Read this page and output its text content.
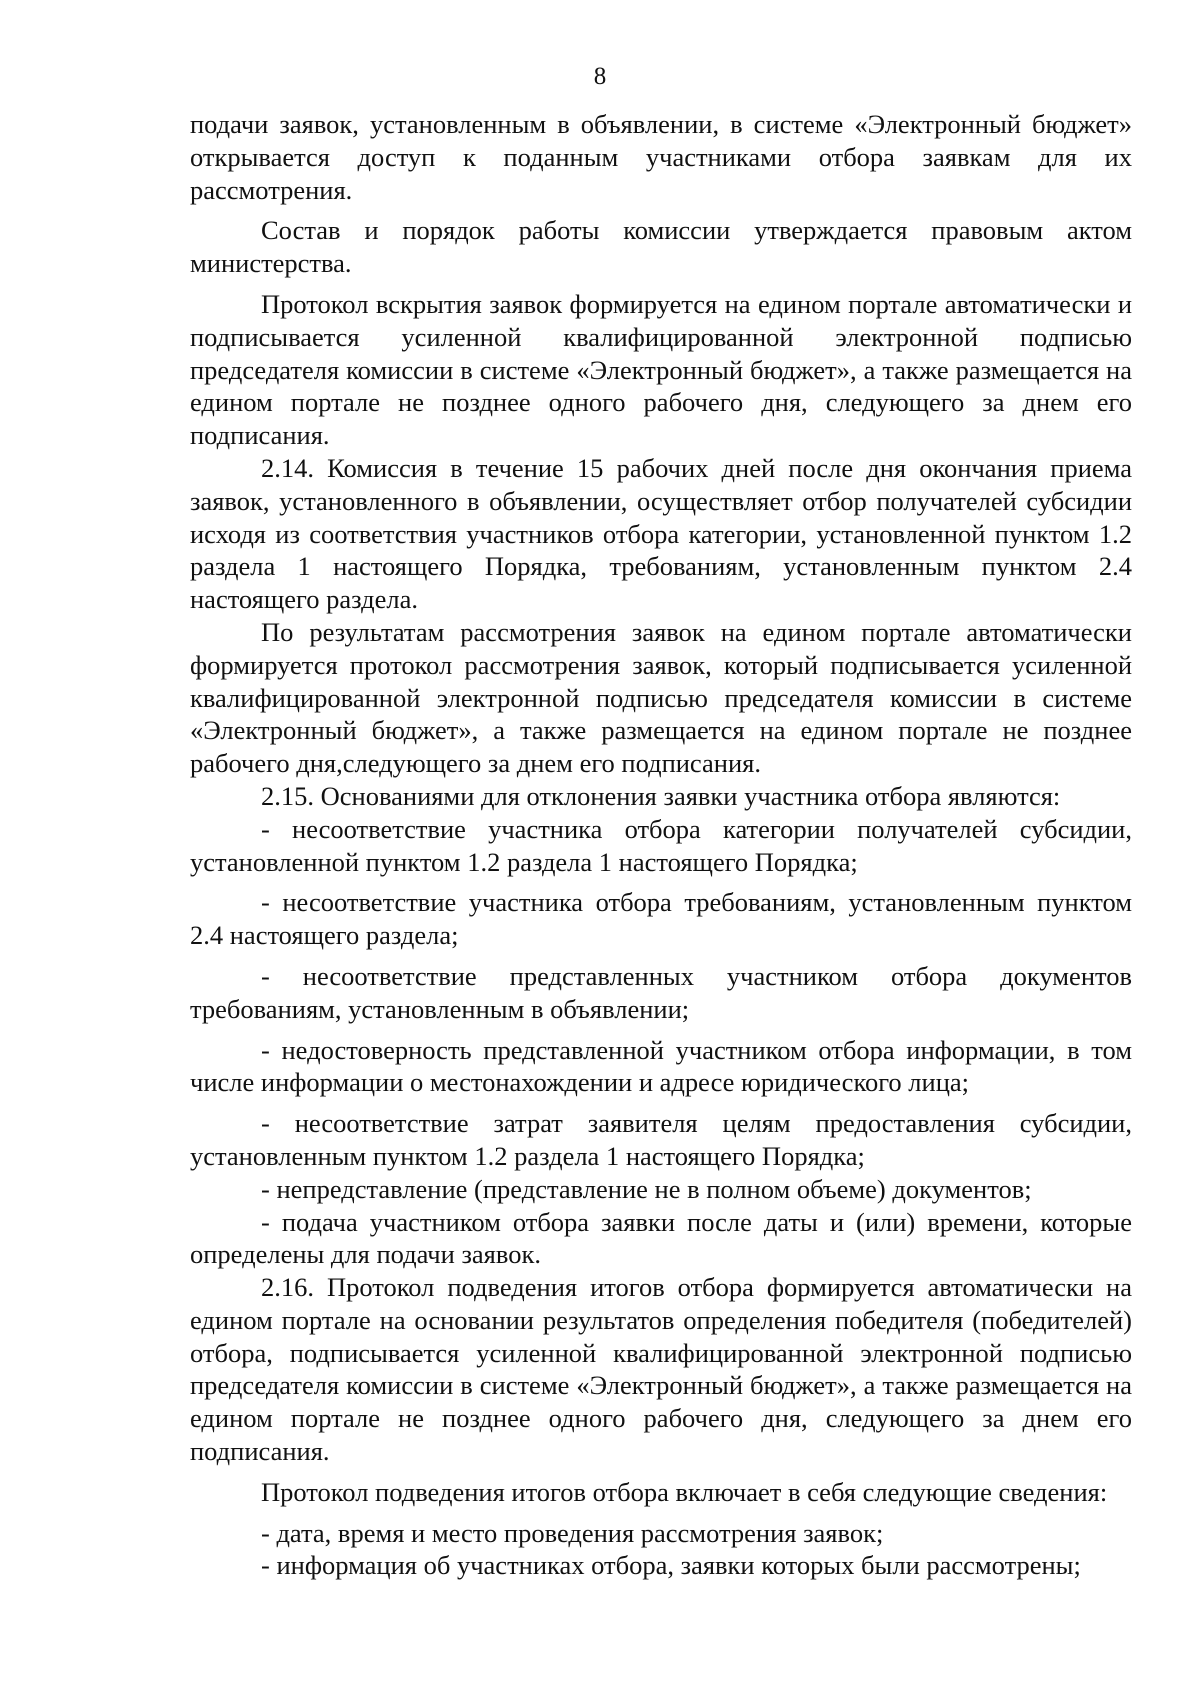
8

подачи заявок, установленным в объявлении, в системе «Электронный бюджет» открывается доступ к поданным участниками отбора заявкам для их рассмотрения.

Состав и порядок работы комиссии утверждается правовым актом министерства.

Протокол вскрытия заявок формируется на едином портале автоматически и подписывается усиленной квалифицированной электронной подписью председателя комиссии в системе «Электронный бюджет», а также размещается на едином портале не позднее одного рабочего дня, следующего за днем его подписания.

2.14. Комиссия в течение 15 рабочих дней после дня окончания приема заявок, установленного в объявлении, осуществляет отбор получателей субсидии исходя из соответствия участников отбора категории, установленной пунктом 1.2 раздела 1 настоящего Порядка, требованиям, установленным пунктом 2.4 настоящего раздела.

По результатам рассмотрения заявок на едином портале автоматически формируется протокол рассмотрения заявок, который подписывается усиленной квалифицированной электронной подписью председателя комиссии в системе «Электронный бюджет», а также размещается на едином портале не позднее рабочего дня,следующего за днем его подписания.

2.15. Основаниями для отклонения заявки участника отбора являются:

- несоответствие участника отбора категории получателей субсидии, установленной пунктом 1.2 раздела 1 настоящего Порядка;

- несоответствие участника отбора требованиям, установленным пунктом 2.4 настоящего раздела;

- несоответствие представленных участником отбора документов требованиям, установленным в объявлении;

- недостоверность представленной участником отбора информации, в том числе информации о местонахождении и адресе юридического лица;

- несоответствие затрат заявителя целям предоставления субсидии, установленным пунктом 1.2 раздела 1 настоящего Порядка;

- непредставление (представление не в полном объеме) документов;

- подача участником отбора заявки после даты и (или) времени, которые определены для подачи заявок.

2.16. Протокол подведения итогов отбора формируется автоматически на едином портале на основании результатов определения победителя (победителей) отбора, подписывается усиленной квалифицированной электронной подписью председателя комиссии в системе «Электронный бюджет», а также размещается на едином портале не позднее одного рабочего дня, следующего за днем его подписания.

Протокол подведения итогов отбора включает в себя следующие сведения:

- дата, время и место проведения рассмотрения заявок;

- информация об участниках отбора, заявки которых были рассмотрены;
